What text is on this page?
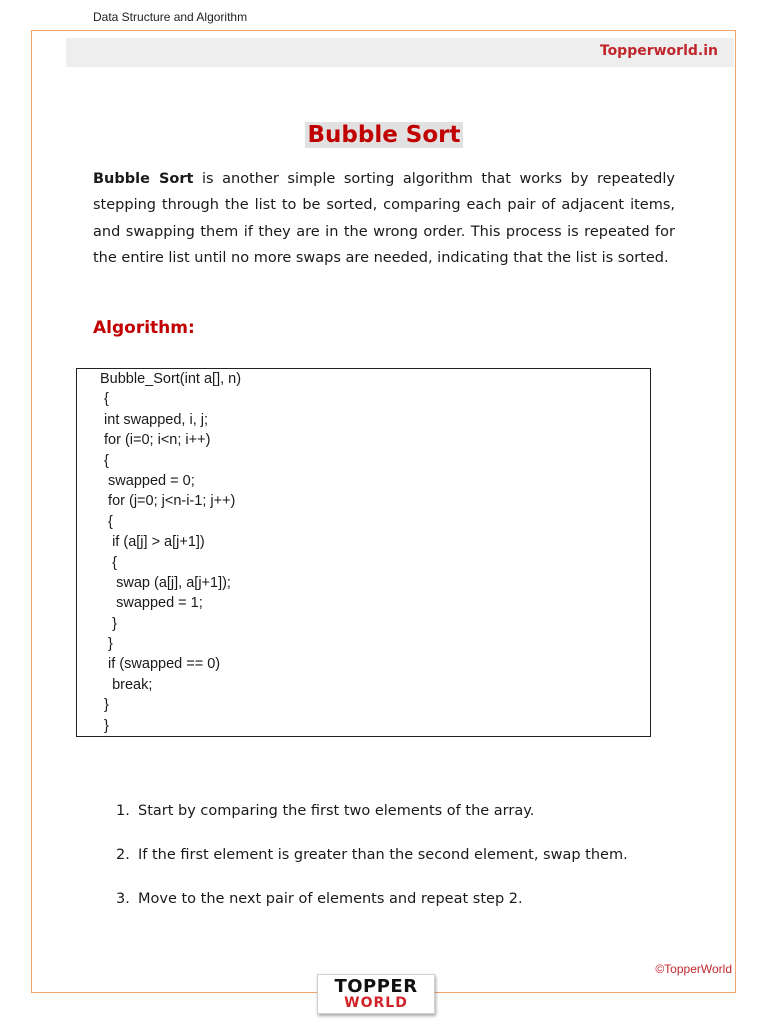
Data Structure and Algorithm
Topperworld.in
Bubble Sort

Bubble Sort is another simple sorting algorithm that works by repeatedly stepping through the list to be sorted, comparing each pair of adjacent items, and swapping them if they are in the wrong order. This process is repeated for the entire list until no more swaps are needed, indicating that the list is sorted.

Algorithm:
Bubble_Sort(int a[], n)
{
int swapped, i, j;
for (i=0; i<n; i++)
{
swapped = 0;
for (j=0; j<n-i-1; j++)
{
if (a[j] > a[j+1])
{
swap (a[j], a[j+1]);
swapped = 1;
}
}
if (swapped == 0)
break;
}
}
1. Start by comparing the first two elements of the array.
2. If the first element is greater than the second element, swap them.
3. Move to the next pair of elements and repeat step 2.
©TopperWorld
TOPPER
WORLD
